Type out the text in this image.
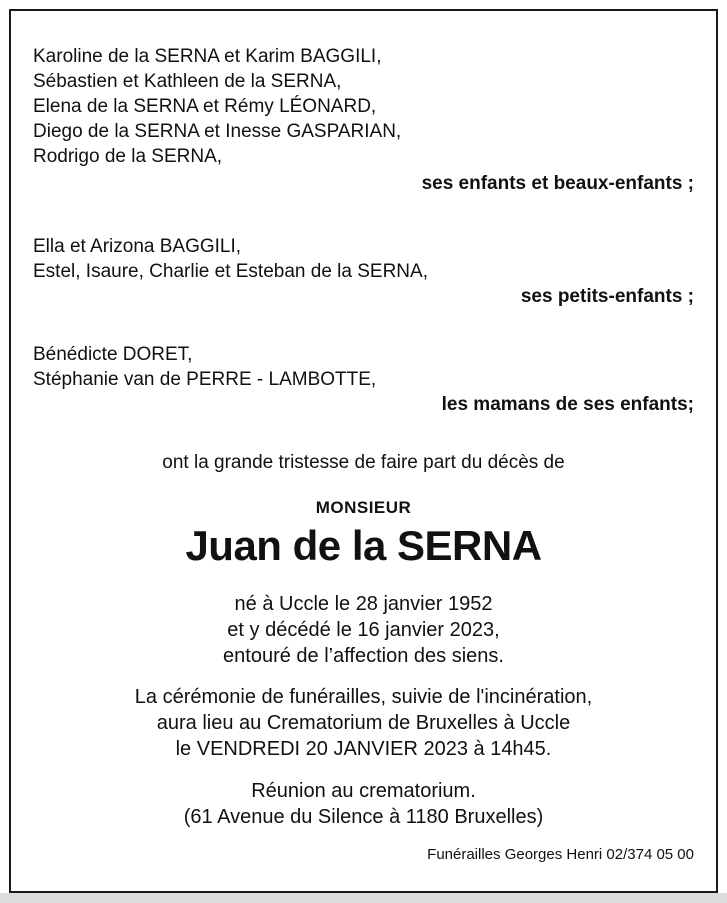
Karoline de la SERNA et Karim BAGGILI,
Sébastien et Kathleen de la SERNA,
Elena de la SERNA et Rémy LÉONARD,
Diego de la SERNA et Inesse GASPARIAN,
Rodrigo de la SERNA,
ses enfants et beaux-enfants ;
Ella et Arizona BAGGILI,
Estel, Isaure, Charlie et Esteban de la SERNA,
ses petits-enfants ;
Bénédicte DORET,
Stéphanie van de PERRE - LAMBOTTE,
les mamans de ses enfants;
ont la grande tristesse de faire part du décès de
MONSIEUR
Juan de la SERNA
né à Uccle le 28 janvier 1952
et y décédé le 16 janvier 2023,
entouré de l’affection des siens.
La cérémonie de funérailles, suivie de l'incinération,
aura lieu au Crematorium de Bruxelles à Uccle
le VENDREDI 20 JANVIER 2023 à 14h45.
Réunion au crematorium.
(61 Avenue du Silence à 1180 Bruxelles)
Funérailles Georges Henri 02/374 05 00
